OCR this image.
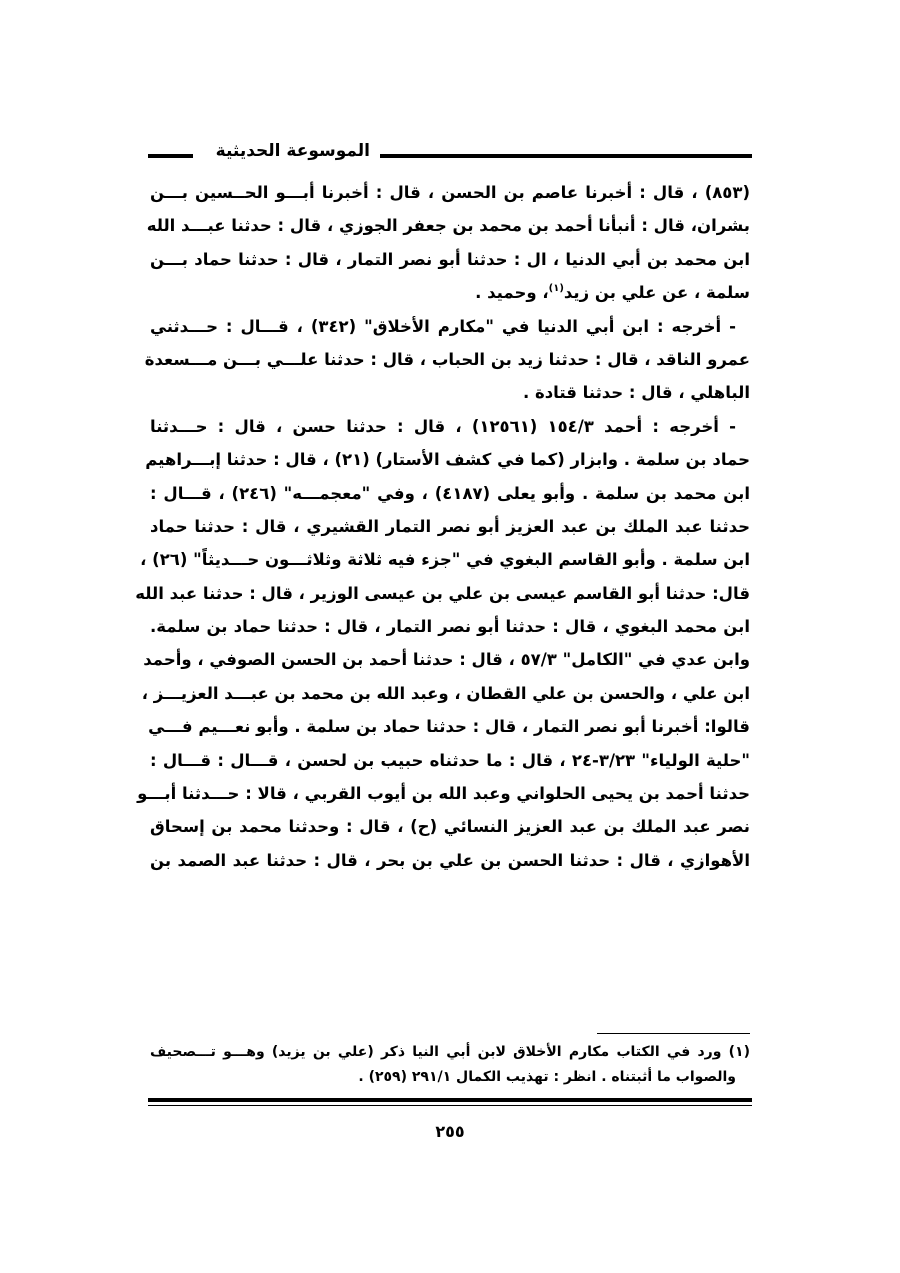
الموسوعة الحديثية
(٨٥٣) ، قال : أخبرنا عاصم بن الحسن ، قال : أخبرنا أبـــو الحــسين بـــن
بشران، قال : أنبأنا أحمد بن محمد بن جعفر الجوزي ، قال : حدثنا عبـــد الله
ابن محمد بن أبي الدنيا ، ال : حدثنا أبو نصر التمار ، قال : حدثنا حماد بـــن
سلمة ، عن علي بن زيد$^{(١)}$، وحميد .
- أخرجه : ابن أبي الدنيا في "مكارم الأخلاق" (٣٤٢) ، قـــال : حـــدثني
عمرو الناقد ، قال : حدثنا زيد بن الحباب ، قال : حدثنا علـــي بـــن مـــسعدة
الباهلي ، قال : حدثنا قتادة .
- أخرجه : أحمد ١٥٤/٣ (١٢٥٦١) ، قال : حدثنا حسن ، قال : حـــدثنا
حماد بن سلمة . وابزار (كما في كشف الأستار) (٢١) ، قال : حدثنا إبـــراهيم
ابن محمد بن سلمة . وأبو يعلى (٤١٨٧) ، وفي "معجمـــه" (٢٤٦) ، قـــال :
حدثنا عبد الملك بن عبد العزيز أبو نصر التمار القشيري ، قال : حدثنا حماد
ابن سلمة . وأبو القاسم البغوي في "جزء فيه ثلاثة وثلاثـــون حـــديثاً" (٢٦) ،
قال: حدثنا أبو القاسم عيسى بن علي بن عيسى الوزير ، قال : حدثنا عبد الله
ابن محمد البغوي ، قال : حدثنا أبو نصر التمار ، قال : حدثنا حماد بن سلمة.
وابن عدي في "الكامل" ٥٧/٣ ، قال : حدثنا أحمد بن الحسن الصوفي ، وأحمد
ابن علي ، والحسن بن علي القطان ، وعبد الله بن محمد بن عبـــد العزيـــز ،
قالوا: أخبرنا أبو نصر التمار ، قال : حدثنا حماد بن سلمة . وأبو نعـــيم فـــي
"حلية الولياء" ٣/٢٣-٢٤ ، قال : ما حدثناه حبيب بن لحسن ، قـــال : قـــال :
حدثنا أحمد بن يحيى الحلواني وعبد الله بن أيوب القربي ، قالا : حـــدثنا أبـــو
نصر عبد الملك بن عبد العزيز النسائي (ح) ، قال : وحدثنا محمد بن إسحاق
الأهوازي ، قال : حدثنا الحسن بن علي بن بحر ، قال : حدثنا عبد الصمد بن
(١) ورد في الكتاب مكارم الأخلاق لابن أبي النيا ذكر (علي بن يزيد) وهـــو تـــصحيف
والصواب ما أثبتناه . انظر : تهذيب الكمال ٢٩١/١ (٢٥٩) .
٢٥٥
